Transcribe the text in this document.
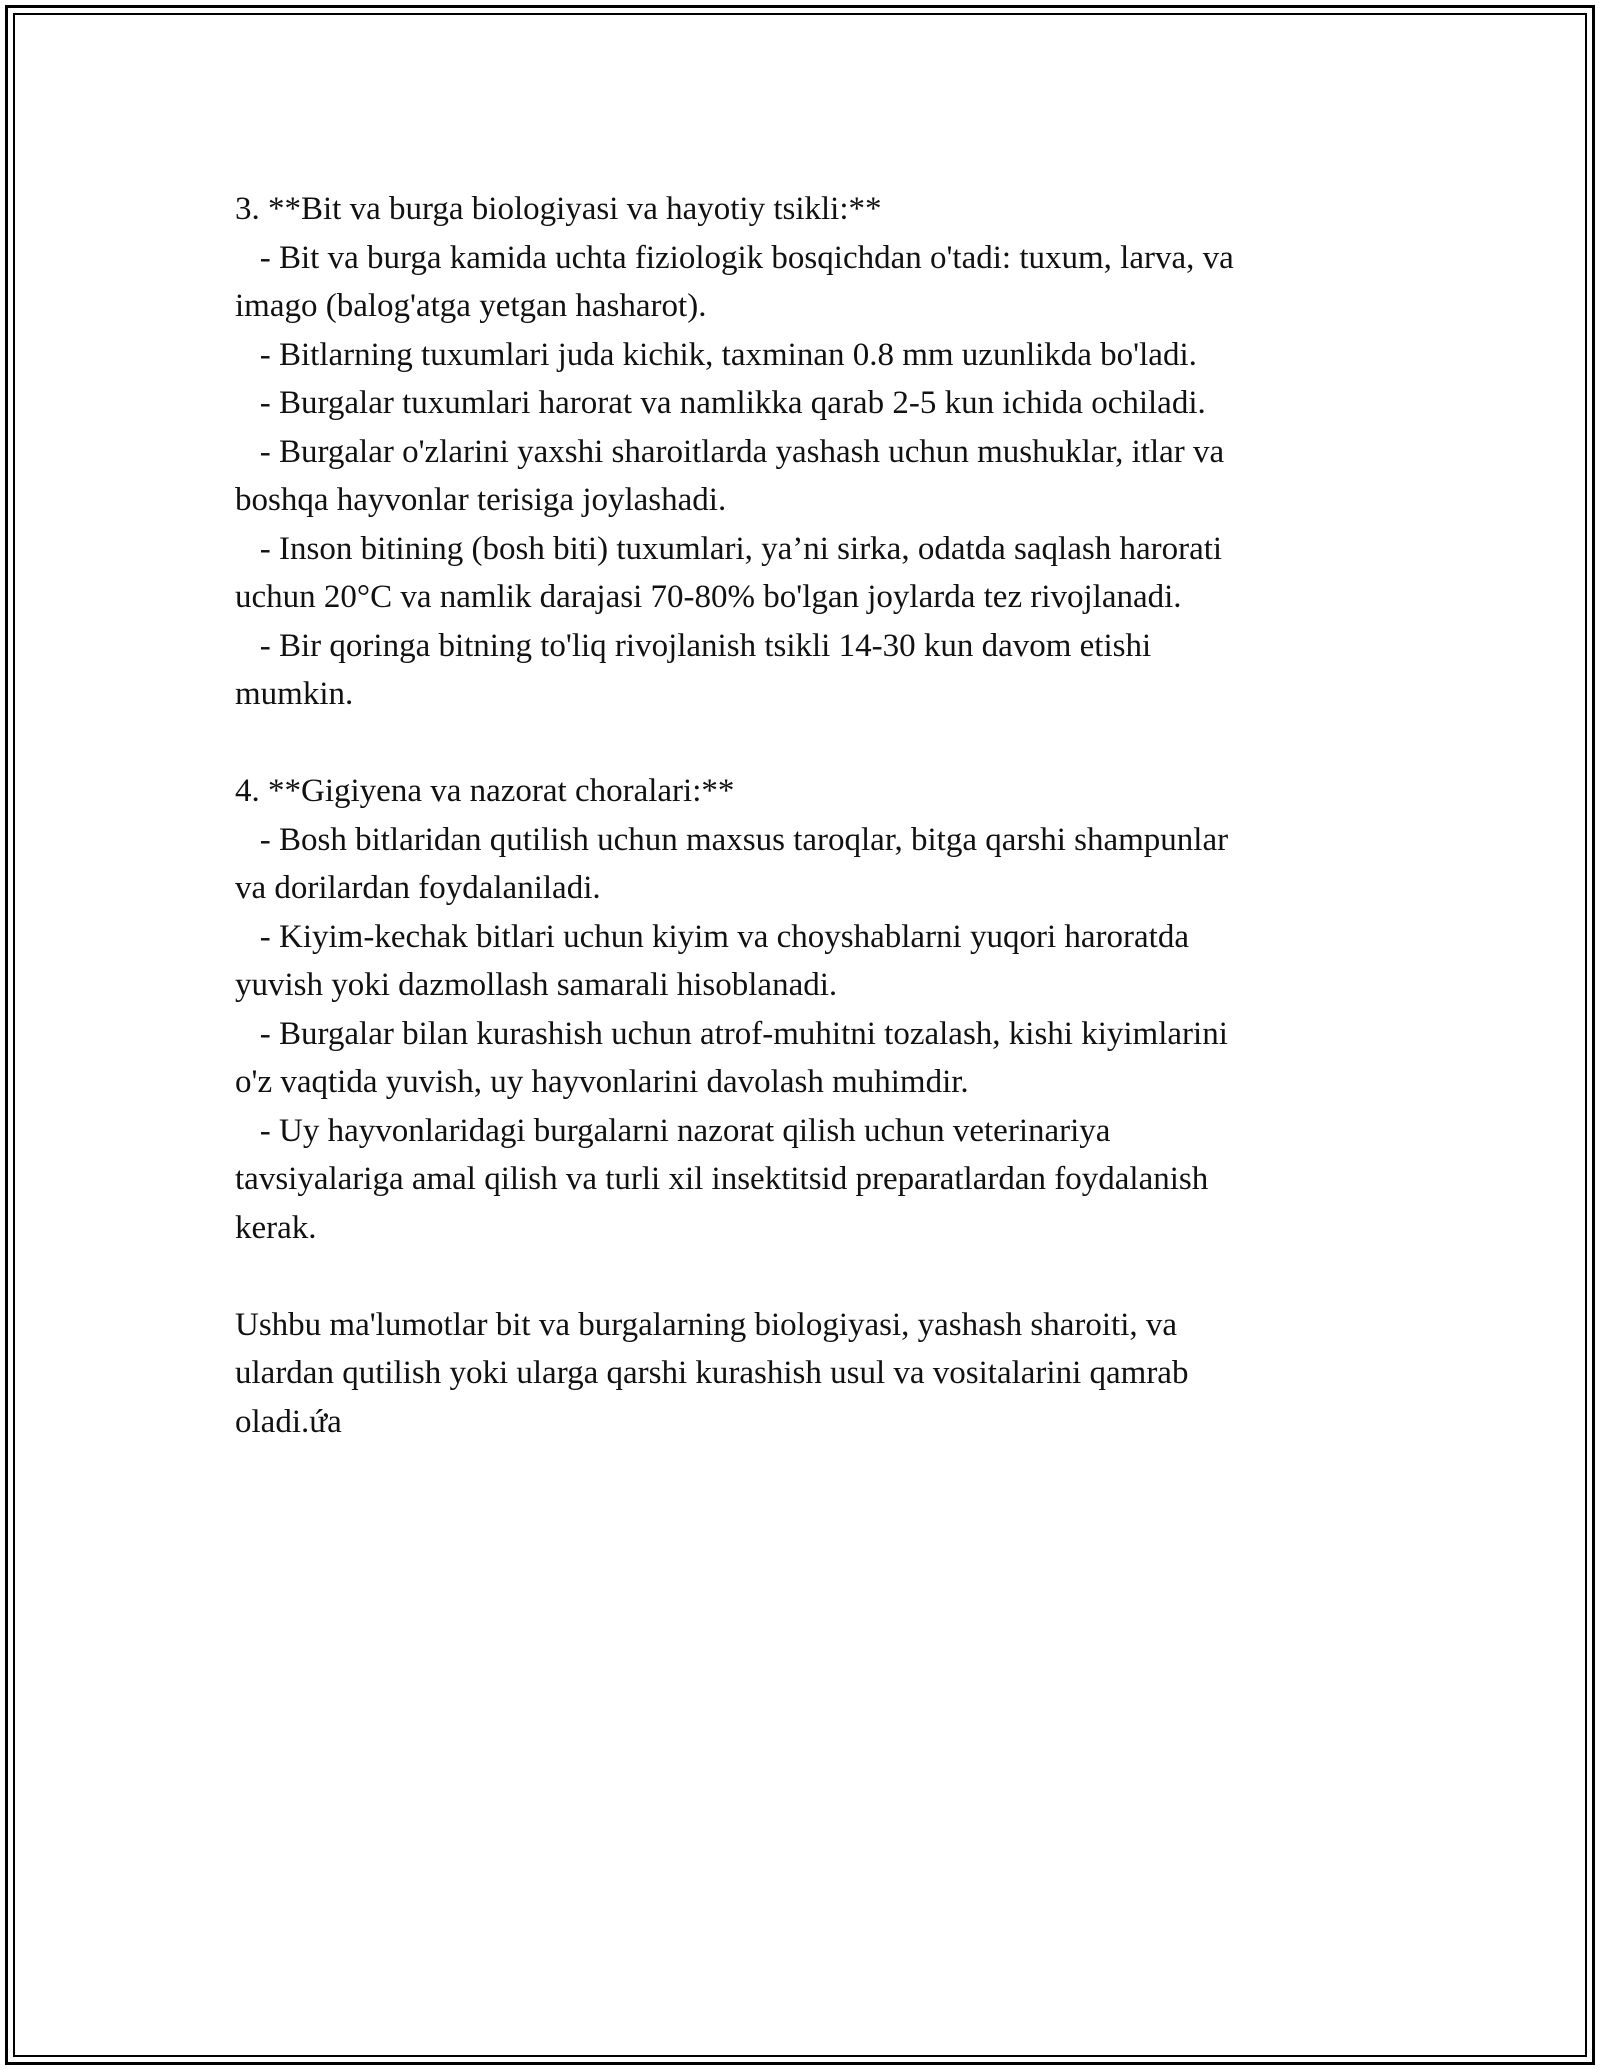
3. **Bit va burga biologiyasi va hayotiy tsikli:**
- Bit va burga kamida uchta fiziologik bosqichdan o'tadi: tuxum, larva, va
imago (balog'atga yetgan hasharot).
- Bitlarning tuxumlari juda kichik, taxminan 0.8 mm uzunlikda bo'ladi.
- Burgalar tuxumlari harorat va namlikka qarab 2-5 kun ichida ochiladi.
- Burgalar o'zlarini yaxshi sharoitlarda yashash uchun mushuklar, itlar va
boshqa hayvonlar terisiga joylashadi.
- Inson bitining (bosh biti) tuxumlari, ya’ni sirka, odatda saqlash harorati
uchun 20°C va namlik darajasi 70-80% bo'lgan joylarda tez rivojlanadi.
- Bir qoringa bitning to'liq rivojlanish tsikli 14-30 kun davom etishi
mumkin.
4. **Gigiyena va nazorat choralari:**
- Bosh bitlaridan qutilish uchun maxsus taroqlar, bitga qarshi shampunlar
va dorilardan foydalaniladi.
- Kiyim-kechak bitlari uchun kiyim va choyshablarni yuqori haroratda
yuvish yoki dazmollash samarali hisoblanadi.
- Burgalar bilan kurashish uchun atrof-muhitni tozalash, kishi kiyimlarini
o'z vaqtida yuvish, uy hayvonlarini davolash muhimdir.
- Uy hayvonlaridagi burgalarni nazorat qilish uchun veterinariya
tavsiyalariga amal qilish va turli xil insektitsid preparatlardan foydalanish
kerak.
Ushbu ma'lumotlar bit va burgalarning biologiyasi, yashash sharoiti, va
ulardan qutilish yoki ularga qarshi kurashish usul va vositalarini qamrab
oladi.ứa
